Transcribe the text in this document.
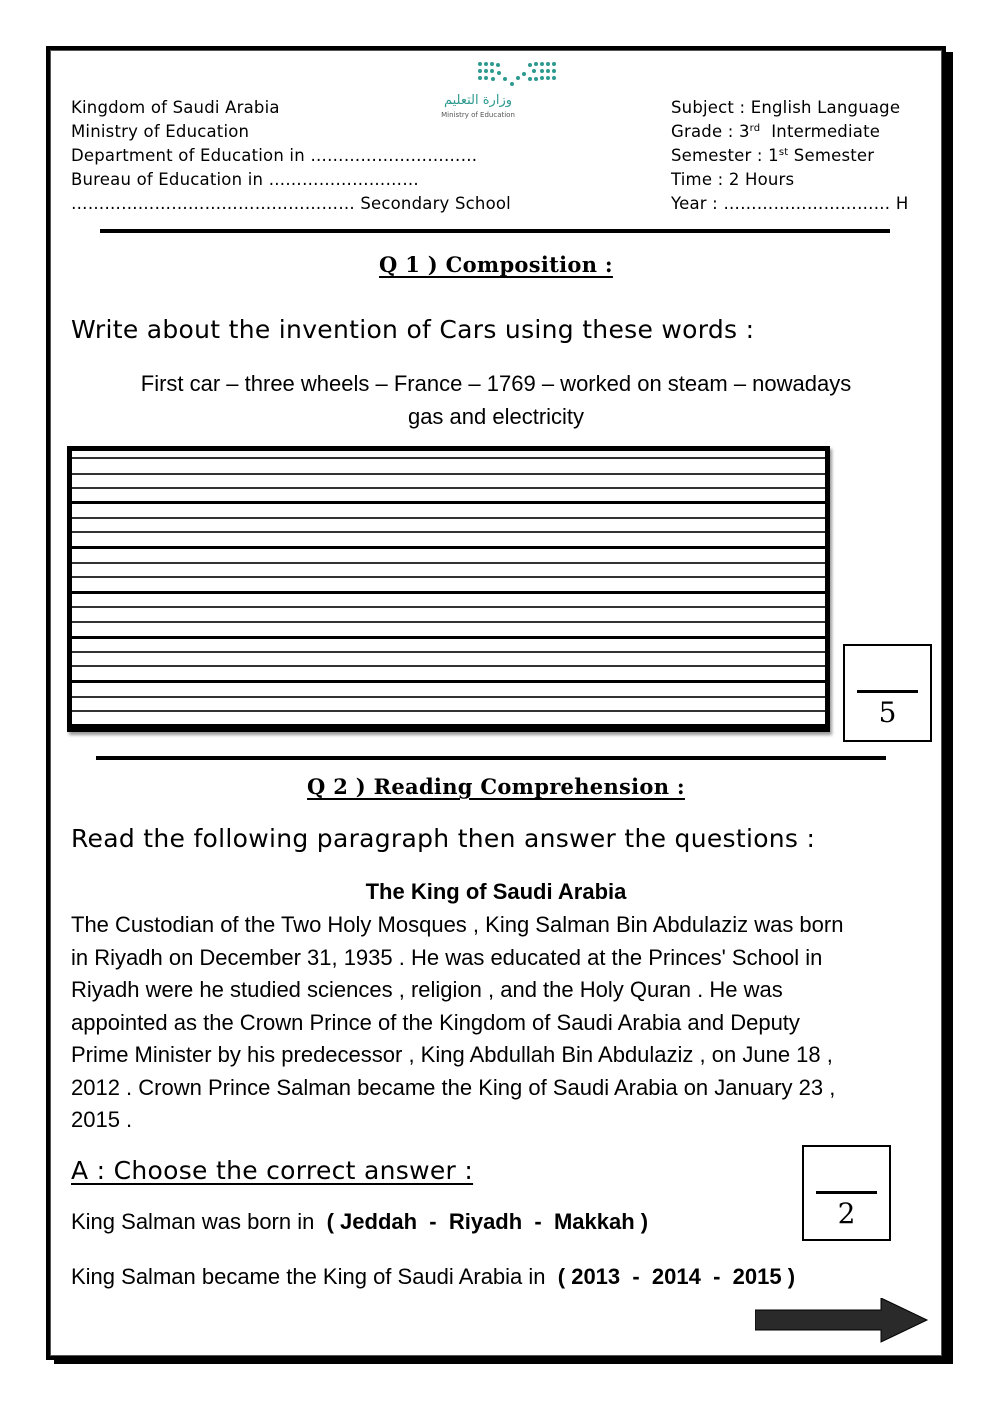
Kingdom of Saudi Arabia
Ministry of Education
Department of Education in …………………………
Bureau of Education in ………………………
…………………………………………… Secondary School
وزارة التعليم
Ministry of Education	Subject : English Language
Grade : 3rd  Intermediate
Semester : 1st Semester
Time : 2 Hours
Year : ………………………… H
Q 1 ) Composition :
Write about the invention of Cars using these words :
First car – three wheels – France – 1769 – worked on steam – nowadays
gas and electricity
5
Q 2 ) Reading Comprehension :
Read the following paragraph then answer the questions :
The King of Saudi Arabia
The Custodian of the Two Holy Mosques , King Salman Bin Abdulaziz was born
in Riyadh on December 31, 1935 . He was educated at the Princes' School in
Riyadh were he studied sciences , religion , and the Holy Quran . He was
appointed as the Crown Prince of the Kingdom of Saudi Arabia and Deputy
Prime Minister by his predecessor , King Abdullah Bin Abdulaziz , on June 18 ,
2012 . Crown Prince Salman became the King of Saudi Arabia on January 23 ,
2015 .
A : Choose the correct answer :
2
King Salman was born in ( Jeddah  -  Riyadh  -  Makkah )
King Salman became the King of Saudi Arabia in ( 2013  -  2014  -  2015 )
